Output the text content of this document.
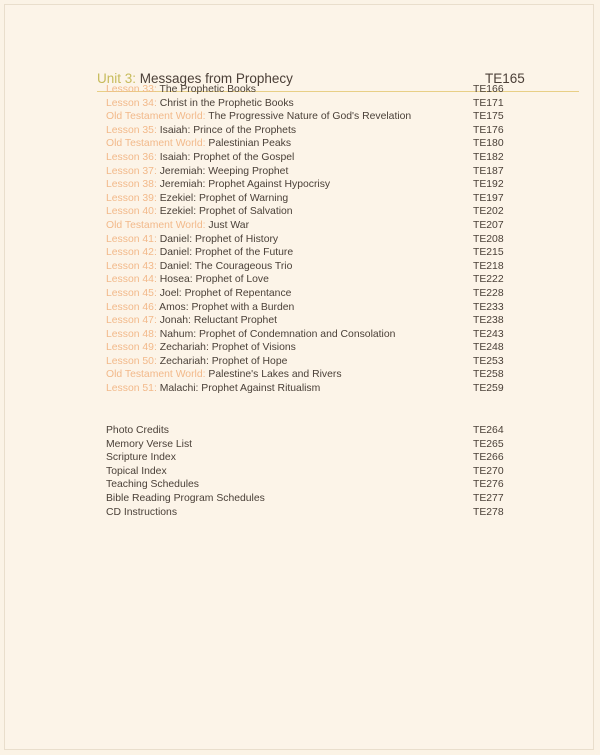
Unit 3: Messages from Prophecy	TE165
Lesson 33: The Prophetic Books	TE166
Lesson 34: Christ in the Prophetic Books	TE171
Old Testament World: The Progressive Nature of God's Revelation	TE175
Lesson 35: Isaiah: Prince of the Prophets	TE176
Old Testament World: Palestinian Peaks	TE180
Lesson 36: Isaiah: Prophet of the Gospel	TE182
Lesson 37: Jeremiah: Weeping Prophet	TE187
Lesson 38: Jeremiah: Prophet Against Hypocrisy	TE192
Lesson 39: Ezekiel: Prophet of Warning	TE197
Lesson 40: Ezekiel: Prophet of Salvation	TE202
Old Testament World: Just War	TE207
Lesson 41: Daniel: Prophet of History	TE208
Lesson 42: Daniel: Prophet of the Future	TE215
Lesson 43: Daniel: The Courageous Trio	TE218
Lesson 44: Hosea: Prophet of Love	TE222
Lesson 45: Joel: Prophet of Repentance	TE228
Lesson 46: Amos: Prophet with a Burden	TE233
Lesson 47: Jonah: Reluctant Prophet	TE238
Lesson 48: Nahum: Prophet of Condemnation and Consolation	TE243
Lesson 49: Zechariah: Prophet of Visions	TE248
Lesson 50: Zechariah: Prophet of Hope	TE253
Old Testament World: Palestine's Lakes and Rivers	TE258
Lesson 51: Malachi: Prophet Against Ritualism	TE259
Photo Credits	TE264
Memory Verse List	TE265
Scripture Index	TE266
Topical Index	TE270
Teaching Schedules	TE276
Bible Reading Program Schedules	TE277
CD Instructions	TE278
